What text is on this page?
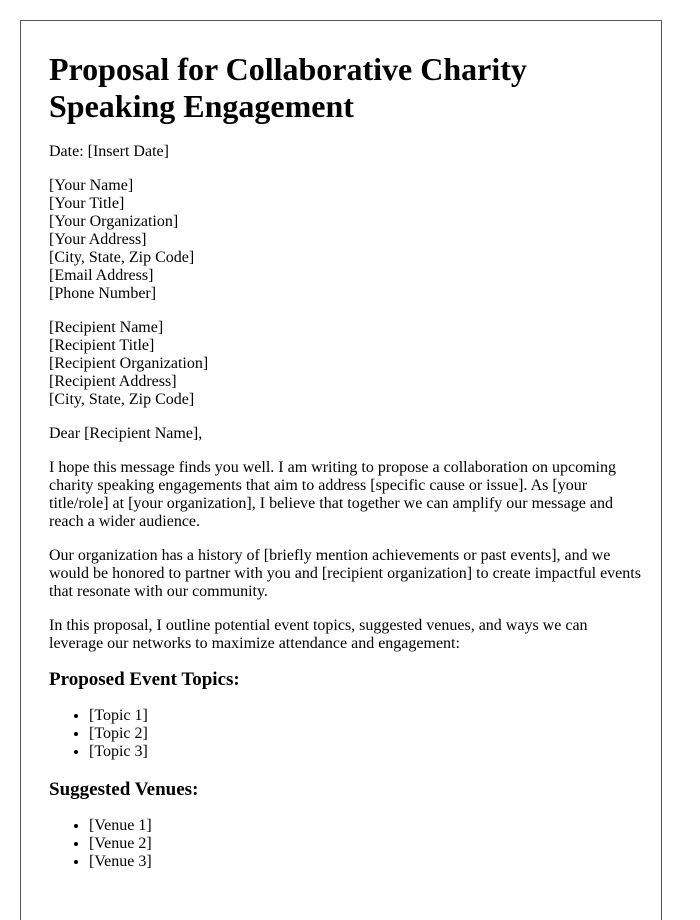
Proposal for Collaborative Charity Speaking Engagement

Date: [Insert Date]

[Your Name]
[Your Title]
[Your Organization]
[Your Address]
[City, State, Zip Code]
[Email Address]
[Phone Number]
[Recipient Name]
[Recipient Title]
[Recipient Organization]
[Recipient Address]
[City, State, Zip Code]

Dear [Recipient Name],

I hope this message finds you well. I am writing to propose a collaboration on upcoming charity speaking engagements that aim to address [specific cause or issue]. As [your title/role] at [your organization], I believe that together we can amplify our message and reach a wider audience.

Our organization has a history of [briefly mention achievements or past events], and we would be honored to partner with you and [recipient organization] to create impactful events that resonate with our community.

In this proposal, I outline potential event topics, suggested venues, and ways we can leverage our networks to maximize attendance and engagement:

Proposed Event Topics:
• [Topic 1]
• [Topic 2]
• [Topic 3]
Suggested Venues:
• [Venue 1]
• [Venue 2]
• [Venue 3]
